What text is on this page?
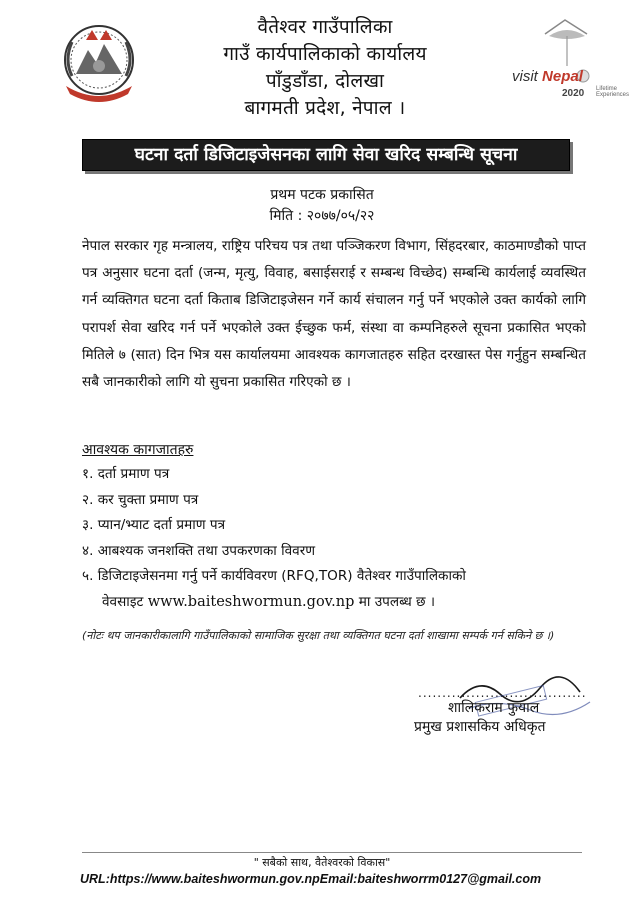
वैतेश्वर गाउँपालिका
गाउँ कार्यपालिकाको कार्यालय
पाँडुडाँडा, दोलखा
बागमती प्रदेश, नेपाल ।
visit Nepal
2020 Lifetime Experiences
घटना दर्ता डिजिटाइजेसनका लागि सेवा खरिद सम्बन्धि सूचना
प्रथम पटक प्रकासित
मिति : २०७७/०५/२२
नेपाल सरकार गृह मन्त्रालय, राष्ट्रिय परिचय पत्र तथा पञ्जिकरण विभाग, सिंहदरबार, काठमाण्डौको पाप्त पत्र अनुसार घटना दर्ता (जन्म, मृत्यु, विवाह, बसाईसराई र सम्बन्ध विच्छेद) सम्बन्धि कार्यलाई व्यवस्थित गर्न व्यक्तिगत घटना दर्ता किताब डिजिटाइजेसन गर्ने कार्य संचालन गर्नु पर्ने भएकोले उक्त कार्यको लागि परापर्श सेवा खरिद गर्न पर्ने भएकोले उक्त ईच्छुक फर्म, संस्था वा कम्पनिहरुले सूचना प्रकासित भएको मितिले ७ (सात) दिन भित्र यस कार्यालयमा आवश्यक कागजातहरु सहित दरखास्त पेस गर्नुहुन सम्बन्धित सबै जानकारीको लागि यो सुचना प्रकासित गरिएको छ ।
आवश्यक कागजातहरु
१. दर्ता प्रमाण पत्र
२. कर चुक्ता प्रमाण पत्र
३. प्यान/भ्याट दर्ता प्रमाण पत्र
४. आबश्यक जनशक्ति तथा उपकरणका विवरण
५. डिजिटाइजेसनमा गर्नु पर्ने कार्यविवरण (RFQ,TOR) वैतेश्वर गाउँपालिकाको
वेवसाइट www.baiteshwormun.gov.np मा उपलब्ध छ ।
(नोटः थप जानकारीकालागि गाउँपालिकाको सामाजिक सुरक्षा तथा व्यक्तिगत घटना दर्ता शाखामा सम्पर्क गर्न सकिने छ ।)
...................................
शालिकराम फुयाल
प्रमुख प्रशासकिय अधिकृत
" सबैको साथ, वैतेश्वरको विकास"
URL:https://www.baiteshwormun.gov.npEmail:baiteshworrm0127@gmail.com
